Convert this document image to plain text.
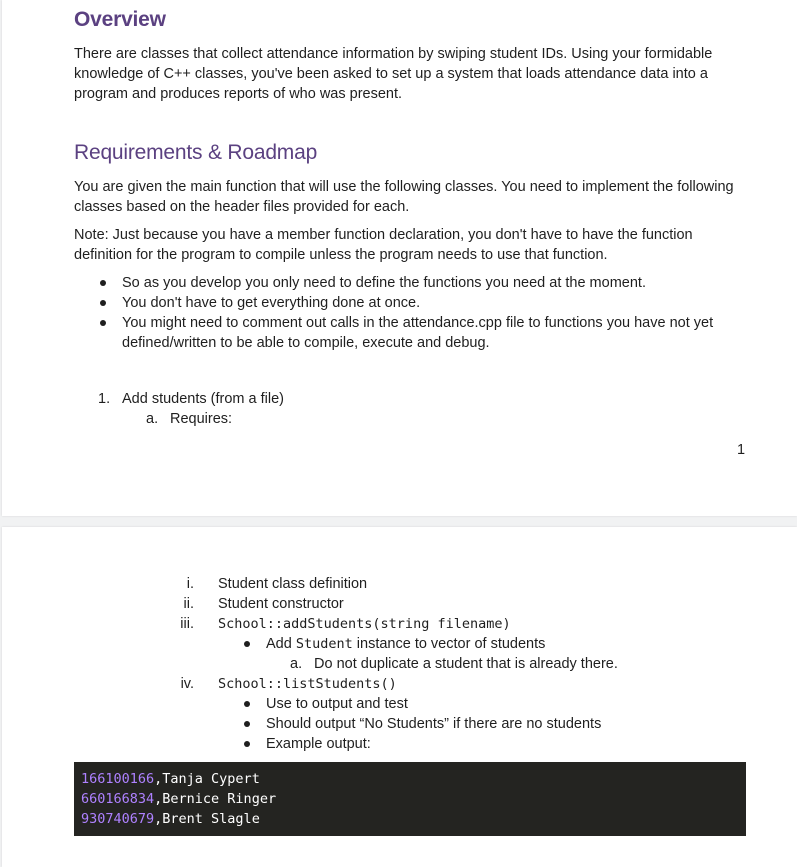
Overview

There are classes that collect attendance information by swiping student IDs. Using your formidable knowledge of C++ classes, you've been asked to set up a system that loads attendance data into a program and produces reports of who was present.

Requirements & Roadmap

You are given the main function that will use the following classes. You need to implement the following classes based on the header files provided for each.

Note: Just because you have a member function declaration, you don't have to have the function definition for the program to compile unless the program needs to use that function.

So as you develop you only need to define the functions you need at the moment.

You don't have to get everything done at once.

You might need to comment out calls in the attendance.cpp file to functions you have not yet defined/written to be able to compile, execute and debug.

1. Add students (from a file)
a. Requires:
1
i. Student class definition
ii. Student constructor
iii. School::addStudents(string filename)

Add Student instance to vector of students

a. Do not duplicate a student that is already there.
iv. School::listStudents()

Use to output and test

Should output “No Students” if there are no students

Example output:

166100166,Tanja Cypert
660166834,Bernice Ringer
930740679,Brent Slagle
